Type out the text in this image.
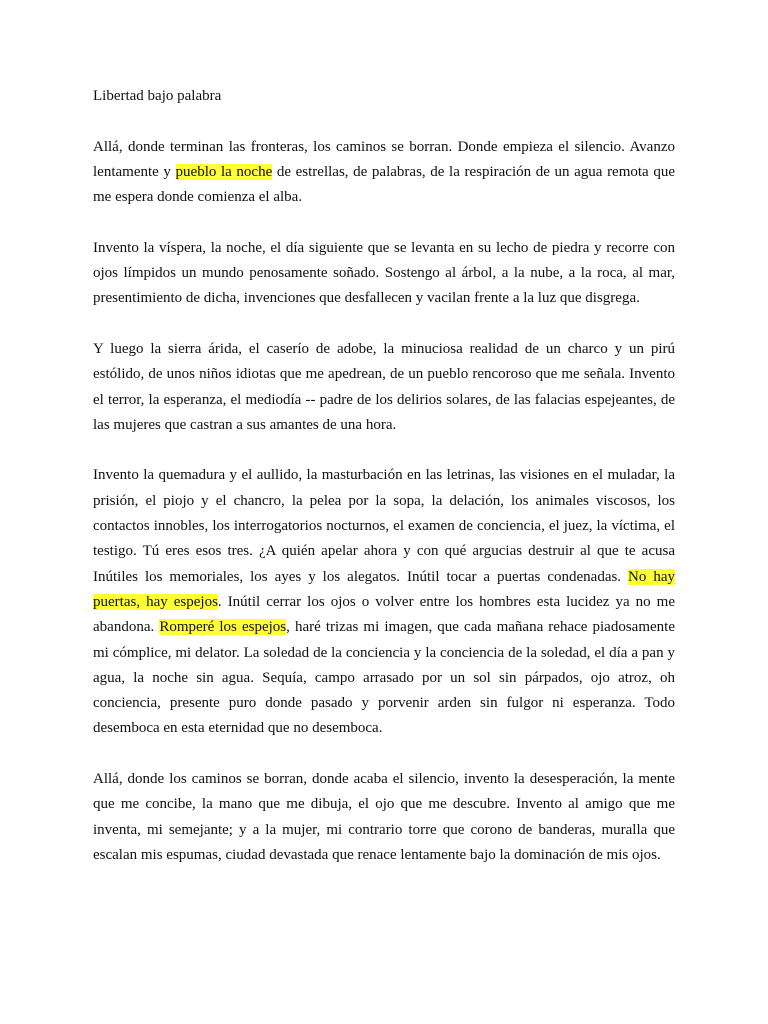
Libertad bajo palabra

Allá, donde terminan las fronteras, los caminos se borran. Donde empieza el silencio. Avanzo lentamente y pueblo la noche de estrellas, de palabras, de la respiración de un agua remota que me espera donde comienza el alba.

Invento la víspera, la noche, el día siguiente que se levanta en su lecho de piedra y recorre con ojos límpidos un mundo penosamente soñado. Sostengo al árbol, a la nube, a la roca, al mar, presentimiento de dicha, invenciones que desfallecen y vacilan frente a la luz que disgrega.

Y luego la sierra árida, el caserío de adobe, la minuciosa realidad de un charco y un pirú estólido, de unos niños idiotas que me apedrean, de un pueblo rencoroso que me señala. Invento el terror, la esperanza, el mediodía -- padre de los delirios solares, de las falacias espejeantes, de las mujeres que castran a sus amantes de una hora.

Invento la quemadura y el aullido, la masturbación en las letrinas, las visiones en el muladar, la prisión, el piojo y el chancro, la pelea por la sopa, la delación, los animales viscosos, los contactos innobles, los interrogatorios nocturnos, el examen de conciencia, el juez, la víctima, el testigo. Tú eres esos tres. ¿A quién apelar ahora y con qué argucias destruir al que te acusa Inútiles los memoriales, los ayes y los alegatos. Inútil tocar a puertas condenadas. No hay puertas, hay espejos. Inútil cerrar los ojos o volver entre los hombres esta lucidez ya no me abandona. Romperé los espejos, haré trizas mi imagen, que cada mañana rehace piadosamente mi cómplice, mi delator. La soledad de la conciencia y la conciencia de la soledad, el día a pan y agua, la noche sin agua. Sequía, campo arrasado por un sol sin párpados, ojo atroz, oh conciencia, presente puro donde pasado y porvenir arden sin fulgor ni esperanza. Todo desemboca en esta eternidad que no desemboca.

Allá, donde los caminos se borran, donde acaba el silencio, invento la desesperación, la mente que me concibe, la mano que me dibuja, el ojo que me descubre. Invento al amigo que me inventa, mi semejante; y a la mujer, mi contrario torre que corono de banderas, muralla que escalan mis espumas, ciudad devastada que renace lentamente bajo la dominación de mis ojos.
